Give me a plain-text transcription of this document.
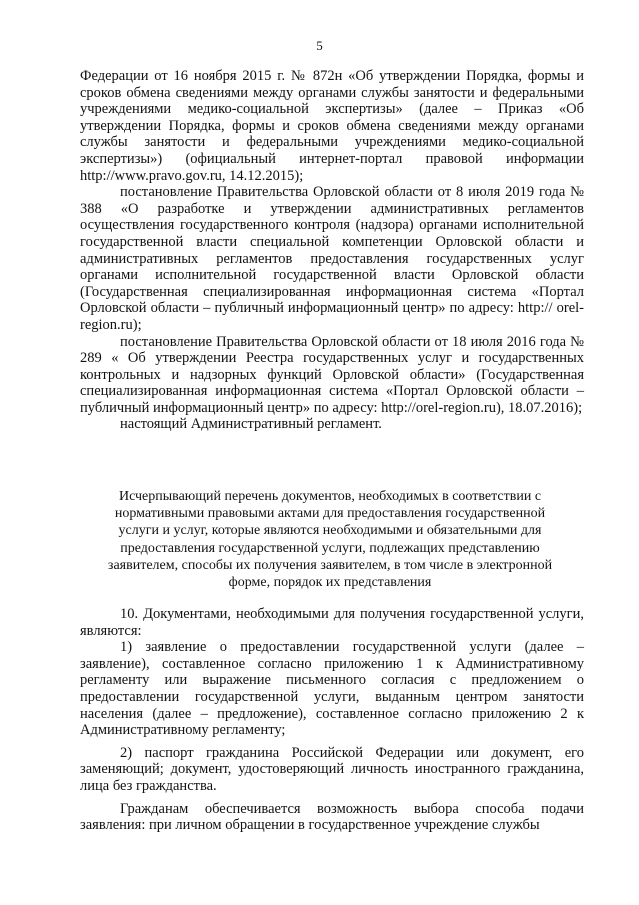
5

Федерации от 16 ноября 2015 г. № 872н «Об утверждении Порядка, формы и сроков обмена сведениями между органами службы занятости и федеральными учреждениями медико-социальной экспертизы» (далее – Приказ «Об утверждении Порядка, формы и сроков обмена сведениями между органами службы занятости и федеральными учреждениями медико-социальной экспертизы») (официальный интернет-портал правовой информации http://www.pravo.gov.ru, 14.12.2015);

постановление Правительства Орловской области от 8 июля 2019 года № 388 «О разработке и утверждении административных регламентов осуществления государственного контроля (надзора) органами исполнительной государственной власти специальной компетенции Орловской области и административных регламентов предоставления государственных услуг органами исполнительной государственной власти Орловской области (Государственная специализированная информационная система «Портал Орловской области – публичный информационный центр» по адресу: http:// orel-region.ru);

постановление Правительства Орловской области от 18 июля 2016 года № 289 « Об утверждении Реестра государственных услуг и государственных контрольных и надзорных функций Орловской области» (Государственная специализированная информационная система «Портал Орловской области – публичный информационный центр» по адресу: http://orel-region.ru), 18.07.2016);

настоящий Административный регламент.

Исчерпывающий перечень документов, необходимых в соответствии с нормативными правовыми актами для предоставления государственной услуги и услуг, которые являются необходимыми и обязательными для предоставления государственной услуги, подлежащих представлению заявителем, способы их получения заявителем, в том числе в электронной форме, порядок их представления

10. Документами, необходимыми для получения государственной услуги, являются:

1) заявление о предоставлении государственной услуги (далее – заявление), составленное согласно приложению 1 к Административному регламенту или выражение письменного согласия с предложением о предоставлении государственной услуги, выданным центром занятости населения (далее – предложение), составленное согласно приложению 2 к Административному регламенту;

2) паспорт гражданина Российской Федерации или документ, его заменяющий; документ, удостоверяющий личность иностранного гражданина, лица без гражданства.

Гражданам обеспечивается возможность выбора способа подачи заявления: при личном обращении в государственное учреждение службы
